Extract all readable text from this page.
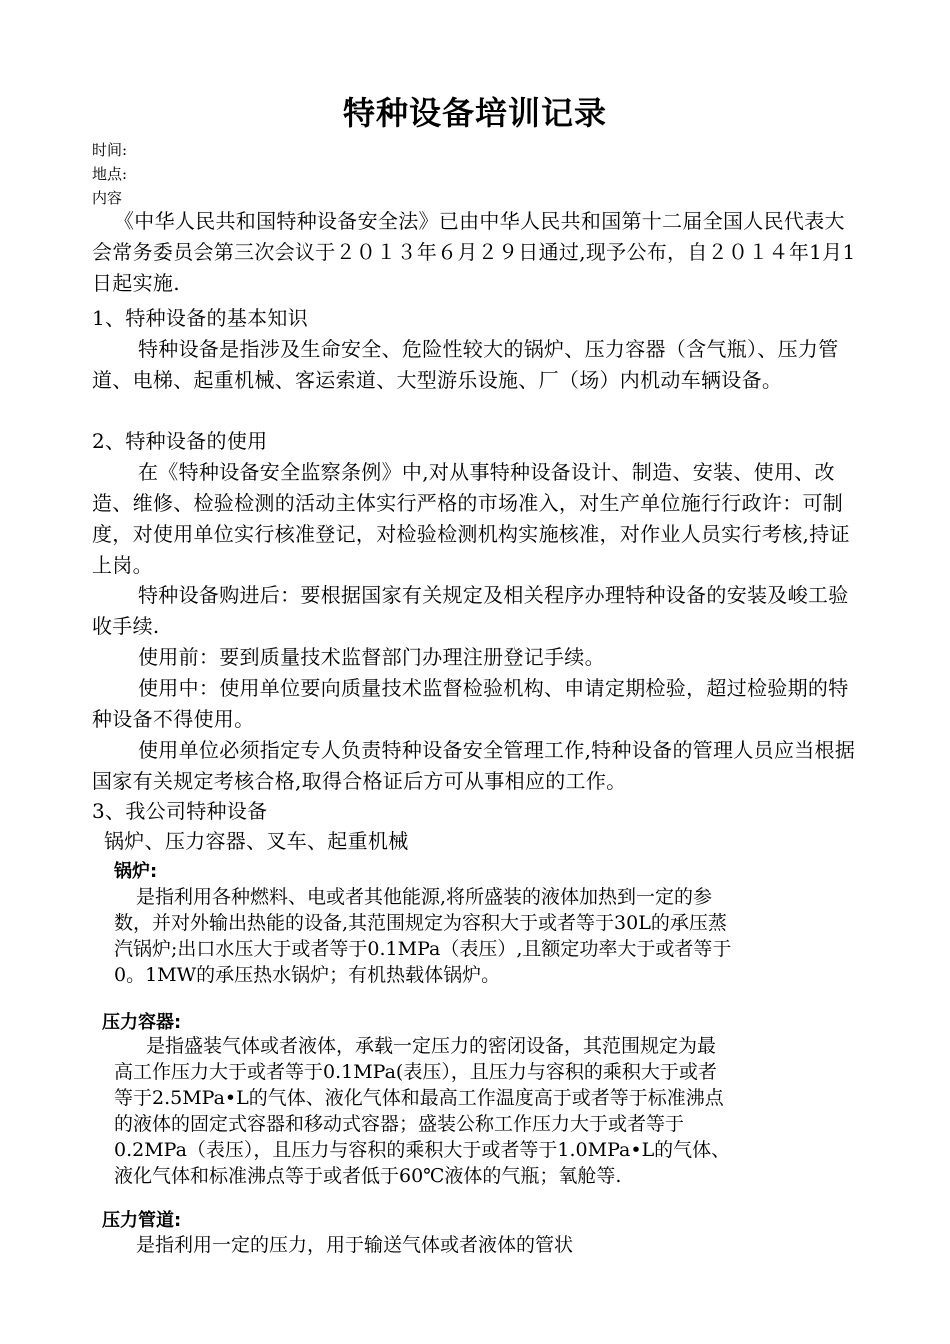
特种设备培训记录
时间:
地点:
内容

《中华人民共和国特种设备安全法》已由中华人民共和国第十二届全国人民代表大会常务委员会第三次会议于２０１３年６月２９日通过,现予公布，自２０１４年1月1日起实施.

1、特种设备的基本知识

特种设备是指涉及生命安全、危险性较大的锅炉、压力容器（含气瓶）、压力管道、电梯、起重机械、客运索道、大型游乐设施、厂（场）内机动车辆设备。

2、特种设备的使用

在《特种设备安全监察条例》中,对从事特种设备设计、制造、安装、使用、改造、维修、检验检测的活动主体实行严格的市场准入，对生产单位施行行政许：可制度，对使用单位实行核准登记，对检验检测机构实施核准，对作业人员实行考核,持证上岗。

特种设备购进后：要根据国家有关规定及相关程序办理特种设备的安装及峻工验收手续.

使用前：要到质量技术监督部门办理注册登记手续。

使用中：使用单位要向质量技术监督检验机构、申请定期检验，超过检验期的特种设备不得使用。

使用单位必须指定专人负责特种设备安全管理工作,特种设备的管理人员应当根据国家有关规定考核合格,取得合格证后方可从事相应的工作。

3、我公司特种设备
锅炉、压力容器、叉车、起重机械
锅炉:

是指利用各种燃料、电或者其他能源,将所盛装的液体加热到一定的参数，并对外输出热能的设备,其范围规定为容积大于或者等于30L的承压蒸汽锅炉;出口水压大于或者等于0.1MPa（表压）,且额定功率大于或者等于0。1MW的承压热水锅炉；有机热载体锅炉。

压力容器:

是指盛装气体或者液体，承载一定压力的密闭设备，其范围规定为最高工作压力大于或者等于0.1MPa(表压），且压力与容积的乘积大于或者等于2.5MPa•L的气体、液化气体和最高工作温度高于或者等于标准沸点的液体的固定式容器和移动式容器；盛装公称工作压力大于或者等于0.2MPa（表压），且压力与容积的乘积大于或者等于1.0MPa•L的气体、液化气体和标准沸点等于或者低于60℃液体的气瓶；氧舱等.

压力管道:

是指利用一定的压力，用于输送气体或者液体的管状
